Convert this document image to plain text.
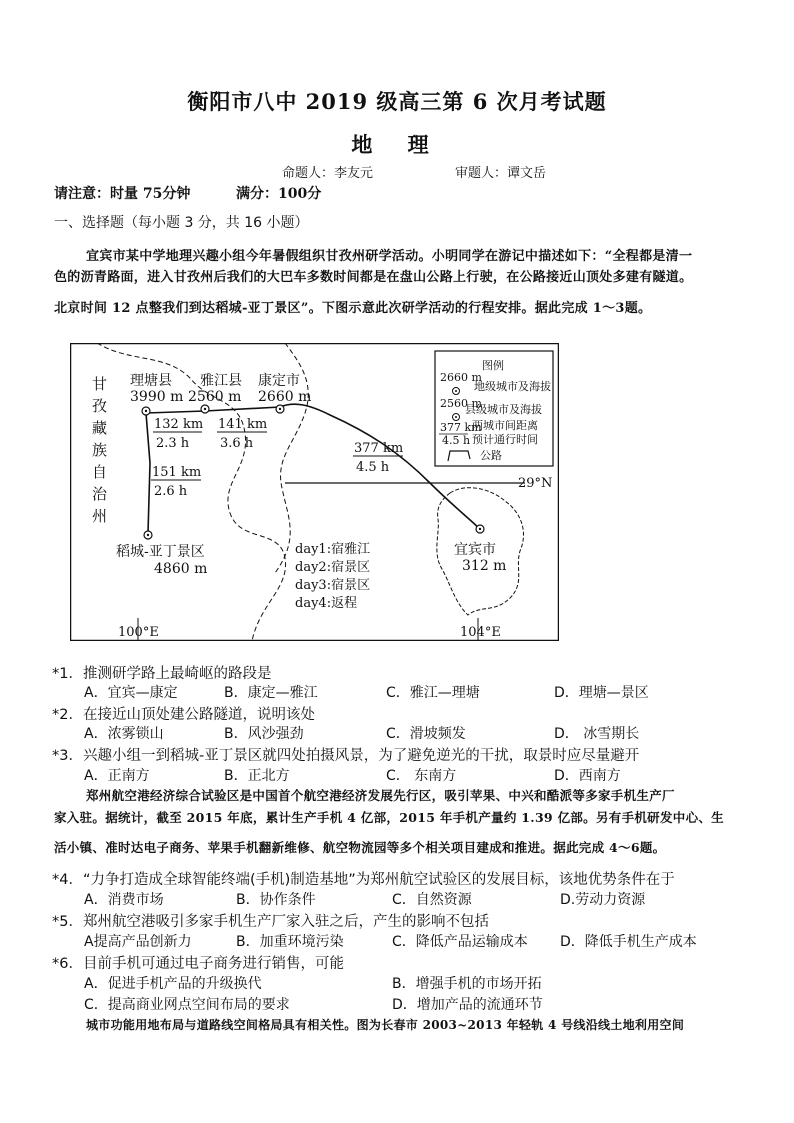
衡阳市八中 2019 级高三第 6 次月考试题
地 理
命题人：李友元	审题人：谭文岳
请注意：时量 75分钟	满分：100分
一、选择题（每小题 3 分，共 16 小题）
宜宾市某中学地理兴趣小组今年暑假组织甘孜州研学活动。小明同学在游记中描述如下：“全程都是清一
色的沥青路面，进入甘孜州后我们的大巴车多数时间都是在盘山公路上行驶，在公路接近山顶处多建有隧道。
北京时间 12 点整我们到达稻城-亚丁景区”。下图示意此次研学活动的行程安排。据此完成 1～3题。
甘
孜
藏
族
自
治
州
理塘县
3990 m
雅江县
2560 m
康定市
2660 m
稻城-亚丁景区
4860 m
宜宾市
312 m
132 km
2.3 h
141 km
3.6 h
151 km
2.6 h
377 km
4.5 h
day1:宿雅江
day2:宿景区
day3:宿景区
day4:返程
29°N
100°E	104°E
图例
2660 m
地级城市及海拔
2560 m
县级城市及海拔
377 km
4.5 h
两城市间距离
预计通行时间
公路
*1．推测研学路上最崎岖的路段是
A．宜宾—康定	B．康定—雅江	C．雅江—理塘	D．理塘—景区
*2．在接近山顶处建公路隧道，说明该处
A．浓雾锁山	B．风沙强劲	C．滑坡频发	D． 冰雪期长
*3．兴趣小组一到稻城-亚丁景区就四处拍摄风景，为了避免逆光的干扰，取景时应尽量避开
A．正南方	B．正北方	C． 东南方	D．西南方
郑州航空港经济综合试验区是中国首个航空港经济发展先行区，吸引苹果、中兴和酷派等多家手机生产厂
家入驻。据统计，截至 2015 年底，累计生产手机 4 亿部，2015 年手机产量约 1.39 亿部。另有手机研发中心、生
活小镇、准时达电子商务、苹果手机翻新维修、航空物流园等多个相关项目建成和推进。据此完成 4～6题。
*4．“力争打造成全球智能终端(手机)制造基地”为郑州航空试验区的发展目标，该地优势条件在于
A．消费市场	B．协作条件	C．自然资源	D.劳动力资源
*5．郑州航空港吸引多家手机生产厂家入驻之后，产生的影响不包括
A提高产品创新力	B．加重环境污染	C．降低产品运输成本 D．降低手机生产成本
*6．目前手机可通过电子商务进行销售，可能
A．促进手机产品的升级换代	B．增强手机的市场开拓
C．提高商业网点空间布局的要求	D．增加产品的流通环节
城市功能用地布局与道路线空间格局具有相关性。图为长春市 2003~2013 年轻轨 4 号线沿线土地利用空间
